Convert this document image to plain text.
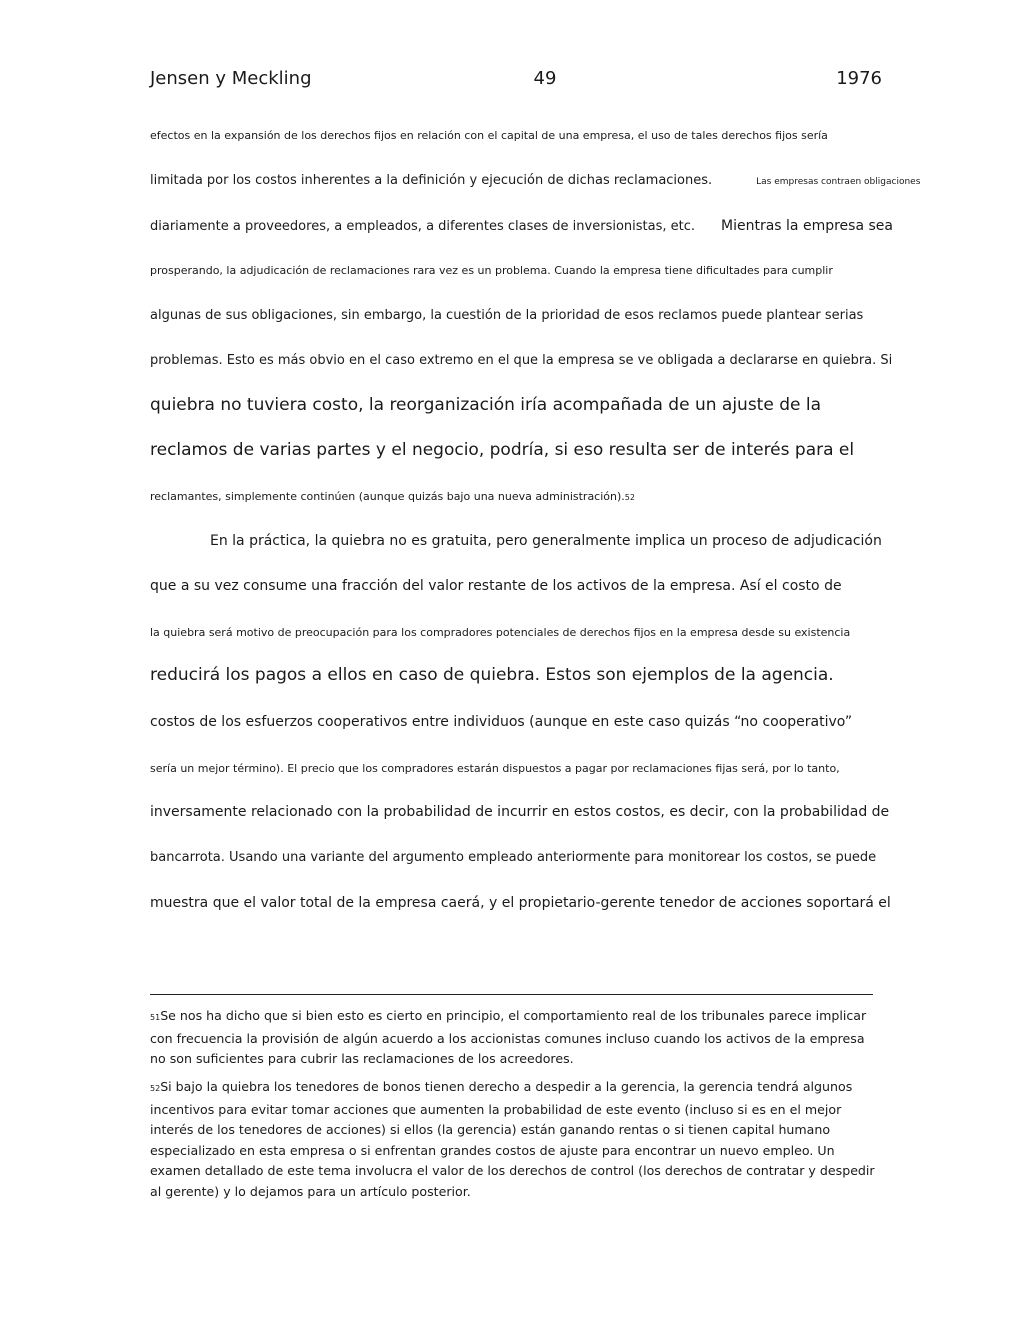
Jensen y Meckling	49	1976
efectos en la expansión de los derechos fijos en relación con el capital de una empresa, el uso de tales derechos fijos sería
limitada por los costos inherentes a la definición y ejecución de dichas reclamaciones.	Las empresas contraen obligaciones
diariamente a proveedores, a empleados, a diferentes clases de inversionistas, etc. Mientras la empresa sea
prosperando, la adjudicación de reclamaciones rara vez es un problema. Cuando la empresa tiene dificultades para cumplir
algunas de sus obligaciones, sin embargo, la cuestión de la prioridad de esos reclamos puede plantear serias
problemas. Esto es más obvio en el caso extremo en el que la empresa se ve obligada a declararse en quiebra. Si
quiebra no tuviera costo, la reorganización iría acompañada de un ajuste de la
reclamos de varias partes y el negocio, podría, si eso resulta ser de interés para el
reclamantes, simplemente continúen (aunque quizás bajo una nueva administración).52
En la práctica, la quiebra no es gratuita, pero generalmente implica un proceso de adjudicación
que a su vez consume una fracción del valor restante de los activos de la empresa. Así el costo de
la quiebra será motivo de preocupación para los compradores potenciales de derechos fijos en la empresa desde su existencia
reducirá los pagos a ellos en caso de quiebra. Estos son ejemplos de la agencia.
costos de los esfuerzos cooperativos entre individuos (aunque en este caso quizás “no cooperativo”
sería un mejor término). El precio que los compradores estarán dispuestos a pagar por reclamaciones fijas será, por lo tanto,
inversamente relacionado con la probabilidad de incurrir en estos costos, es decir, con la probabilidad de
bancarrota. Usando una variante del argumento empleado anteriormente para monitorear los costos, se puede
muestra que el valor total de la empresa caerá, y el propietario-gerente tenedor de acciones soportará el
51Se nos ha dicho que si bien esto es cierto en principio, el comportamiento real de los tribunales parece implicar con frecuencia la provisión de algún acuerdo a los accionistas comunes incluso cuando los activos de la empresa no son suficientes para cubrir las reclamaciones de los acreedores.
52Si bajo la quiebra los tenedores de bonos tienen derecho a despedir a la gerencia, la gerencia tendrá algunos incentivos para evitar tomar acciones que aumenten la probabilidad de este evento (incluso si es en el mejor interés de los tenedores de acciones) si ellos (la gerencia) están ganando rentas o si tienen capital humano especializado en esta empresa o si enfrentan grandes costos de ajuste para encontrar un nuevo empleo. Un examen detallado de este tema involucra el valor de los derechos de control (los derechos de contratar y despedir al gerente) y lo dejamos para un artículo posterior.
